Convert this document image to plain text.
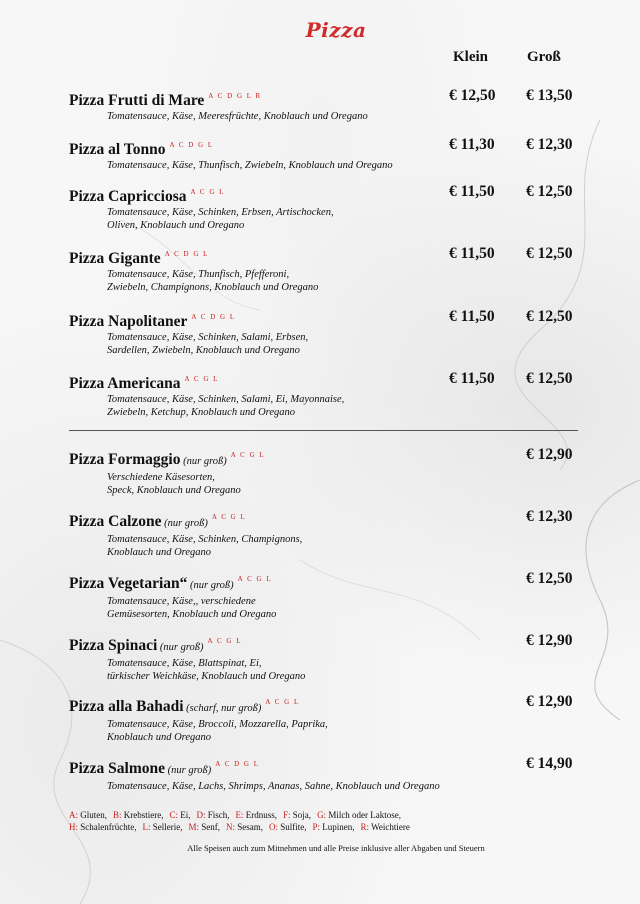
Pizza
Klein	Groß
Pizza Frutti di Mare $^{A C D G L R}$
Tomatensauce, Käse, Meeresfrüchte, Knoblauch und Oregano
€ 12,50 € 13,50
Pizza al Tonno $^{A C D G L}$
Tomatensauce, Käse, Thunfisch, Zwiebeln, Knoblauch und Oregano
€ 11,30 € 12,30
Pizza Capricciosa $^{A C G L}$
Tomatensauce, Käse, Schinken, Erbsen, Artischocken,
Oliven, Knoblauch und Oregano
€ 11,50 € 12,50
Pizza Gigante $^{A C D G L}$
Tomatensauce, Käse, Thunfisch, Pfefferoni,
Zwiebeln, Champignons, Knoblauch und Oregano
€ 11,50 € 12,50
Pizza Napolitaner $^{A C D G L}$
Tomatensauce, Käse, Schinken, Salami, Erbsen,
Sardellen, Zwiebeln, Knoblauch und Oregano
€ 11,50 € 12,50
Pizza Americana $^{A C G L}$
Tomatensauce, Käse, Schinken, Salami, Ei, Mayonnaise,
Zwiebeln, Ketchup, Knoblauch und Oregano
€ 11,50 € 12,50
Pizza Formaggio (nur groß)$^{A C G L}$
Verschiedene Käsesorten,
Speck, Knoblauch und Oregano
€ 12,90
Pizza Calzone (nur groß)$^{A C G L}$
Tomatensauce, Käse, Schinken, Champignons,
Knoblauch und Oregano
€ 12,30
Pizza Vegetarian“ (nur groß)$^{A C G L}$
Tomatensauce, Käse,, verschiedene
Gemüsesorten, Knoblauch und Oregano
€ 12,50
Pizza Spinaci (nur groß)$^{A C G L}$
Tomatensauce, Käse, Blattspinat, Ei,
türkischer Weichkäse, Knoblauch und Oregano
€ 12,90
Pizza alla Bahadi (scharf, nur groß)$^{A C G L}$
Tomatensauce, Käse, Broccoli, Mozzarella, Paprika,
Knoblauch und Oregano
€ 12,90
Pizza Salmone (nur groß)$^{A C D G L}$
Tomatensauce, Käse, Lachs, Shrimps, Ananas, Sahne, Knoblauch und Oregano
€ 14,90
A: Gluten, B: Krebstiere, C: Ei, D: Fisch, E: Erdnuss, F: Soja, G: Milch oder Laktose,
H: Schalenfrüchte, L: Sellerie, M: Senf, N: Sesam, O: Sulfite, P: Lupinen, R: Weichtiere
Alle Speisen auch zum Mitnehmen und alle Preise inklusive aller Abgaben und Steuern
